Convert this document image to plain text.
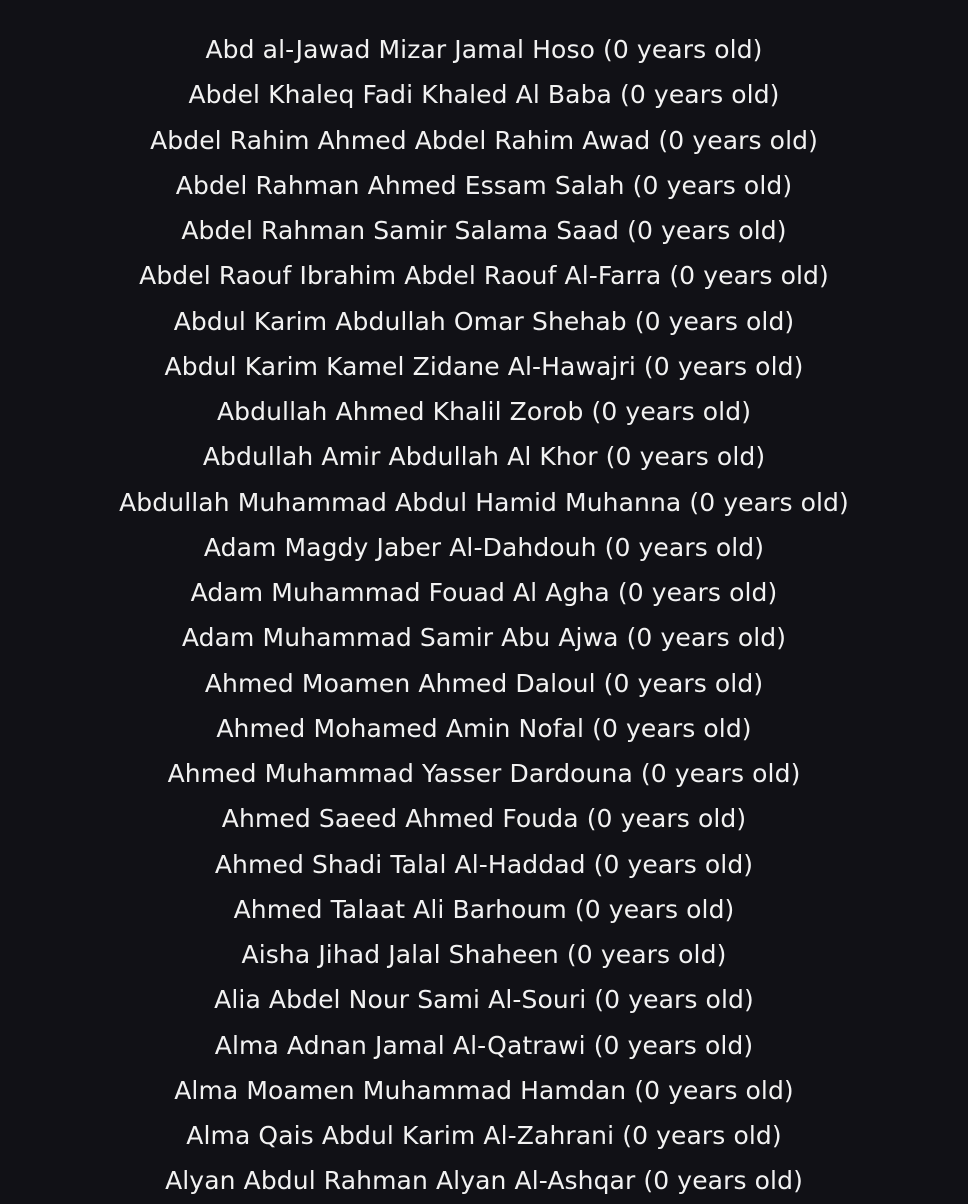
Abd al-Jawad Mizar Jamal Hoso (0 years old)
Abdel Khaleq Fadi Khaled Al Baba (0 years old)
Abdel Rahim Ahmed Abdel Rahim Awad (0 years old)
Abdel Rahman Ahmed Essam Salah (0 years old)
Abdel Rahman Samir Salama Saad (0 years old)
Abdel Raouf Ibrahim Abdel Raouf Al-Farra (0 years old)
Abdul Karim Abdullah Omar Shehab (0 years old)
Abdul Karim Kamel Zidane Al-Hawajri (0 years old)
Abdullah Ahmed Khalil Zorob (0 years old)
Abdullah Amir Abdullah Al Khor (0 years old)
Abdullah Muhammad Abdul Hamid Muhanna (0 years old)
Adam Magdy Jaber Al-Dahdouh (0 years old)
Adam Muhammad Fouad Al Agha (0 years old)
Adam Muhammad Samir Abu Ajwa (0 years old)
Ahmed Moamen Ahmed Daloul (0 years old)
Ahmed Mohamed Amin Nofal (0 years old)
Ahmed Muhammad Yasser Dardouna (0 years old)
Ahmed Saeed Ahmed Fouda (0 years old)
Ahmed Shadi Talal Al-Haddad (0 years old)
Ahmed Talaat Ali Barhoum (0 years old)
Aisha Jihad Jalal Shaheen (0 years old)
Alia Abdel Nour Sami Al-Souri (0 years old)
Alma Adnan Jamal Al-Qatrawi (0 years old)
Alma Moamen Muhammad Hamdan (0 years old)
Alma Qais Abdul Karim Al-Zahrani (0 years old)
Alyan Abdul Rahman Alyan Al-Ashqar (0 years old)
